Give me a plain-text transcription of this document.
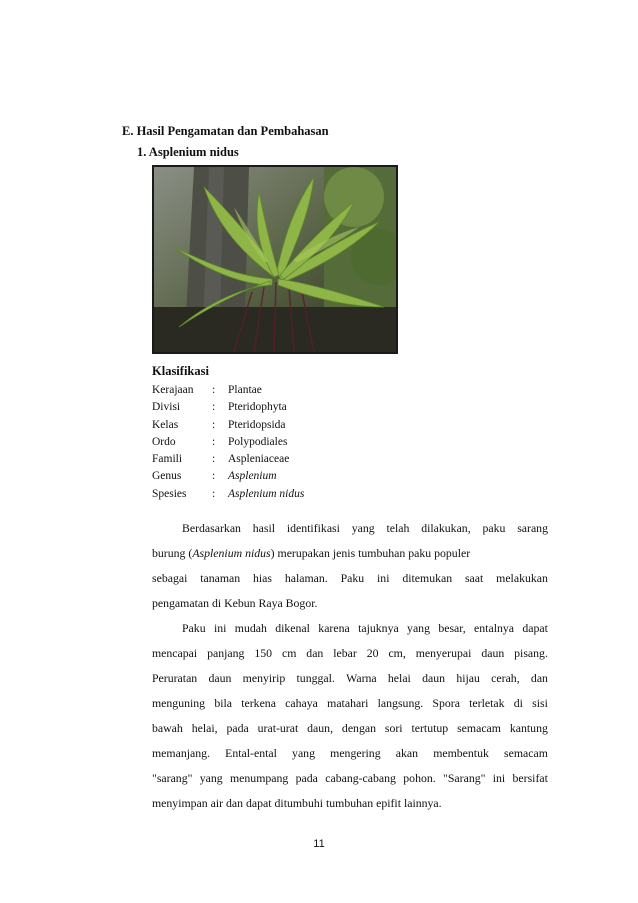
E. Hasil Pengamatan dan Pembahasan
1. Asplenium nidus
Klasifikasi
Kerajaan	:	Plantae
Divisi	:	Pteridophyta
Kelas	:	Pteridopsida
Ordo	:	Polypodiales
Famili	:	Aspleniaceae
Genus	:	Asplenium
Spesies	:	Asplenium nidus
Berdasarkan hasil identifikasi yang telah dilakukan, paku sarang
burung (Asplenium nidus) merupakan jenis tumbuhan paku populer
sebagai tanaman hias halaman. Paku ini ditemukan saat melakukan
pengamatan di Kebun Raya Bogor.
Paku ini mudah dikenal karena tajuknya yang besar, entalnya dapat
mencapai panjang 150 cm dan lebar 20 cm, menyerupai daun pisang.
Peruratan daun menyirip tunggal. Warna helai daun hijau cerah, dan
menguning bila terkena cahaya matahari langsung. Spora terletak di sisi
bawah helai, pada urat-urat daun, dengan sori tertutup semacam kantung
memanjang. Ental-ental yang mengering akan membentuk semacam
"sarang" yang menumpang pada cabang-cabang pohon. "Sarang" ini bersifat
menyimpan air dan dapat ditumbuhi tumbuhan epifit lainnya.
11
